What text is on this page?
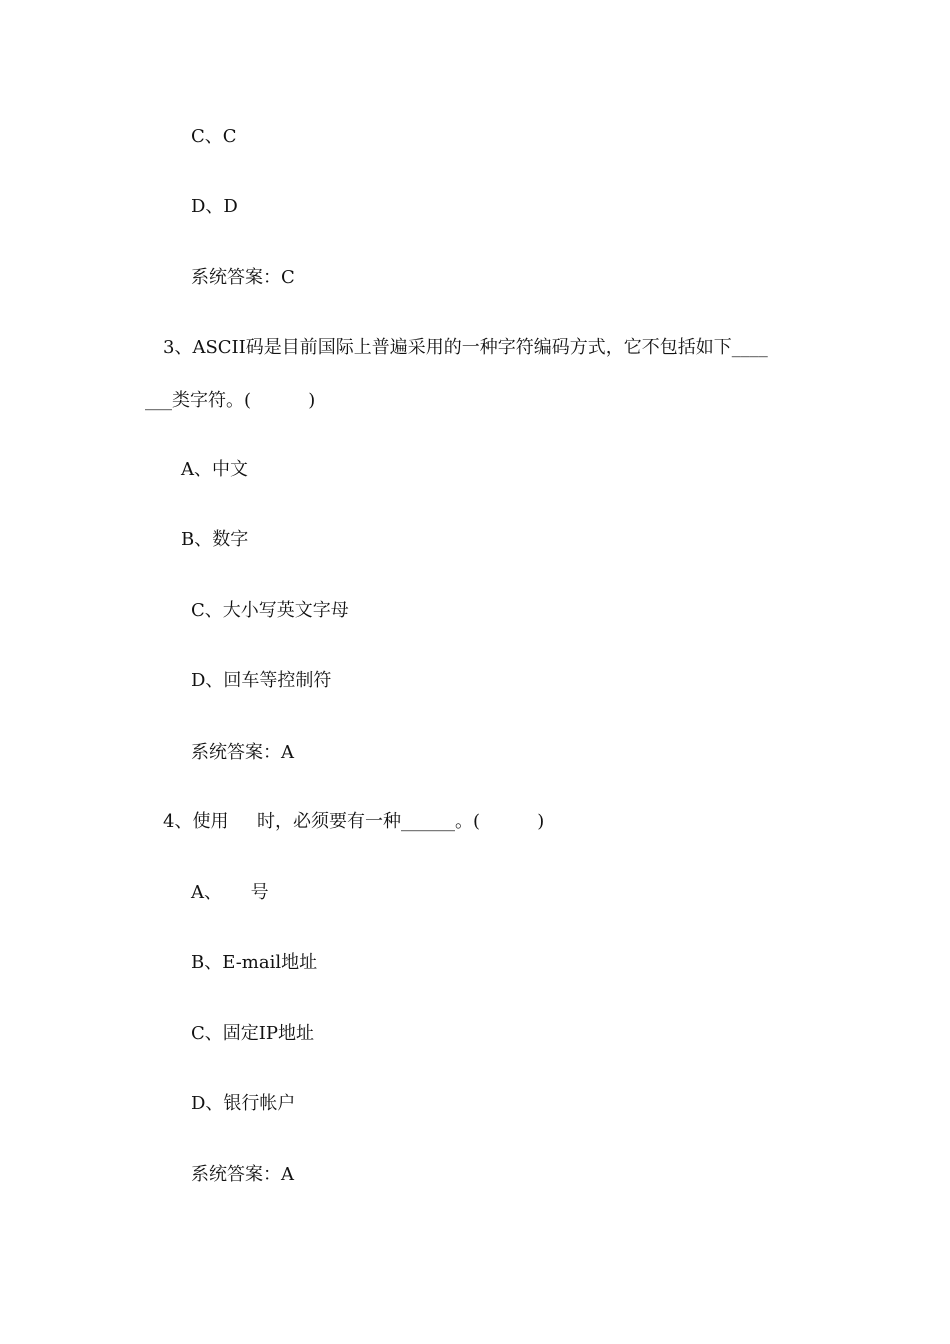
C、C
D、D
系统答案：C
3、ASCII码是目前国际上普遍采用的一种字符编码方式，它不包括如下____
___类字符。(          )
A、中文
B、数字
C、大小写英文字母
D、回车等控制符
系统答案：A
4、使用     时，必须要有一种______。(          )
A、     号
B、E-mail地址
C、固定IP地址
D、银行帐户
系统答案：A
